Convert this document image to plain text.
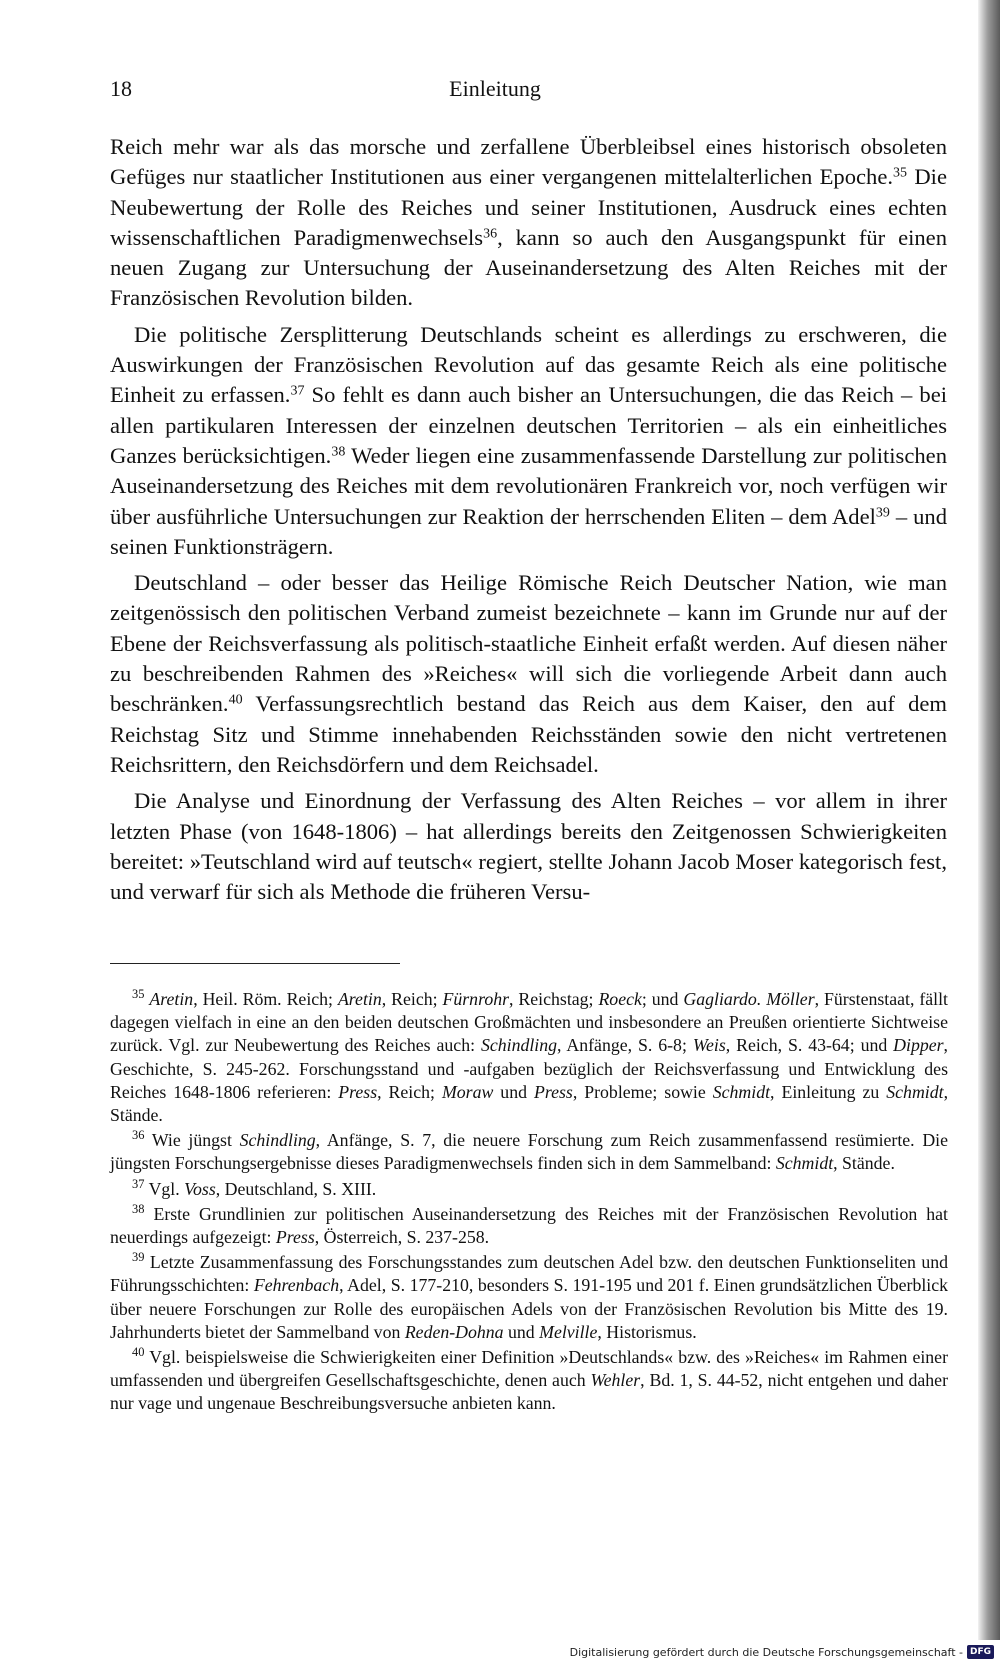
18	Einleitung

Reich mehr war als das morsche und zerfallene Überbleibsel eines historisch obsoleten Gefüges nur staatlicher Institutionen aus einer vergangenen mittelalterlichen Epoche.$^{35}$ Die Neubewertung der Rolle des Reiches und seiner Institutionen, Ausdruck eines echten wissenschaftlichen Paradigmenwechsels$^{36}$, kann so auch den Ausgangspunkt für einen neuen Zugang zur Untersuchung der Auseinandersetzung des Alten Reiches mit der Französischen Revolution bilden.

Die politische Zersplitterung Deutschlands scheint es allerdings zu erschweren, die Auswirkungen der Französischen Revolution auf das gesamte Reich als eine politische Einheit zu erfassen.$^{37}$ So fehlt es dann auch bisher an Untersuchungen, die das Reich – bei allen partikularen Interessen der einzelnen deutschen Territorien – als ein einheitliches Ganzes berücksichtigen.$^{38}$ Weder liegen eine zusammenfassende Darstellung zur politischen Auseinandersetzung des Reiches mit dem revolutionären Frankreich vor, noch verfügen wir über ausführliche Untersuchungen zur Reaktion der herrschenden Eliten – dem Adel$^{39}$ – und seinen Funktionsträgern.

Deutschland – oder besser das Heilige Römische Reich Deutscher Nation, wie man zeitgenössisch den politischen Verband zumeist bezeichnete – kann im Grunde nur auf der Ebene der Reichsverfassung als politisch-staatliche Einheit erfaßt werden. Auf diesen näher zu beschreibenden Rahmen des »Reiches« will sich die vorliegende Arbeit dann auch beschränken.$^{40}$ Verfassungsrechtlich bestand das Reich aus dem Kaiser, den auf dem Reichstag Sitz und Stimme innehabenden Reichsständen sowie den nicht vertretenen Reichsrittern, den Reichsdörfern und dem Reichsadel.

Die Analyse und Einordnung der Verfassung des Alten Reiches – vor allem in ihrer letzten Phase (von 1648-1806) – hat allerdings bereits den Zeitgenossen Schwierigkeiten bereitet: »Teutschland wird auf teutsch« regiert, stellte Johann Jacob Moser kategorisch fest, und verwarf für sich als Methode die früheren Versu-

$^{35}$ Aretin, Heil. Röm. Reich; Aretin, Reich; Fürnrohr, Reichstag; Roeck; und Gagliardo. Möller, Fürstenstaat, fällt dagegen vielfach in eine an den beiden deutschen Großmächten und insbesondere an Preußen orientierte Sichtweise zurück. Vgl. zur Neubewertung des Reiches auch: Schindling, Anfänge, S. 6-8; Weis, Reich, S. 43-64; und Dipper, Geschichte, S. 245-262. Forschungsstand und -aufgaben bezüglich der Reichsverfassung und Entwicklung des Reiches 1648-1806 referieren: Press, Reich; Moraw und Press, Probleme; sowie Schmidt, Einleitung zu Schmidt, Stände.

$^{36}$ Wie jüngst Schindling, Anfänge, S. 7, die neuere Forschung zum Reich zusammenfassend resümierte. Die jüngsten Forschungsergebnisse dieses Paradigmenwechsels finden sich in dem Sammelband: Schmidt, Stände.

$^{37}$ Vgl. Voss, Deutschland, S. XIII.

$^{38}$ Erste Grundlinien zur politischen Auseinandersetzung des Reiches mit der Französischen Revolution hat neuerdings aufgezeigt: Press, Österreich, S. 237-258.

$^{39}$ Letzte Zusammenfassung des Forschungsstandes zum deutschen Adel bzw. den deutschen Funktionseliten und Führungsschichten: Fehrenbach, Adel, S. 177-210, besonders S. 191-195 und 201 f. Einen grundsätzlichen Überblick über neuere Forschungen zur Rolle des europäischen Adels von der Französischen Revolution bis Mitte des 19. Jahrhunderts bietet der Sammelband von Reden-Dohna und Melville, Historismus.

$^{40}$ Vgl. beispielsweise die Schwierigkeiten einer Definition »Deutschlands« bzw. des »Reiches« im Rahmen einer umfassenden und übergreifen Gesellschaftsgeschichte, denen auch Wehler, Bd. 1, S. 44-52, nicht entgehen und daher nur vage und ungenaue Beschreibungsversuche anbieten kann.

Digitalisierung gefördert durch die Deutsche Forschungsgemeinschaft - DFG
